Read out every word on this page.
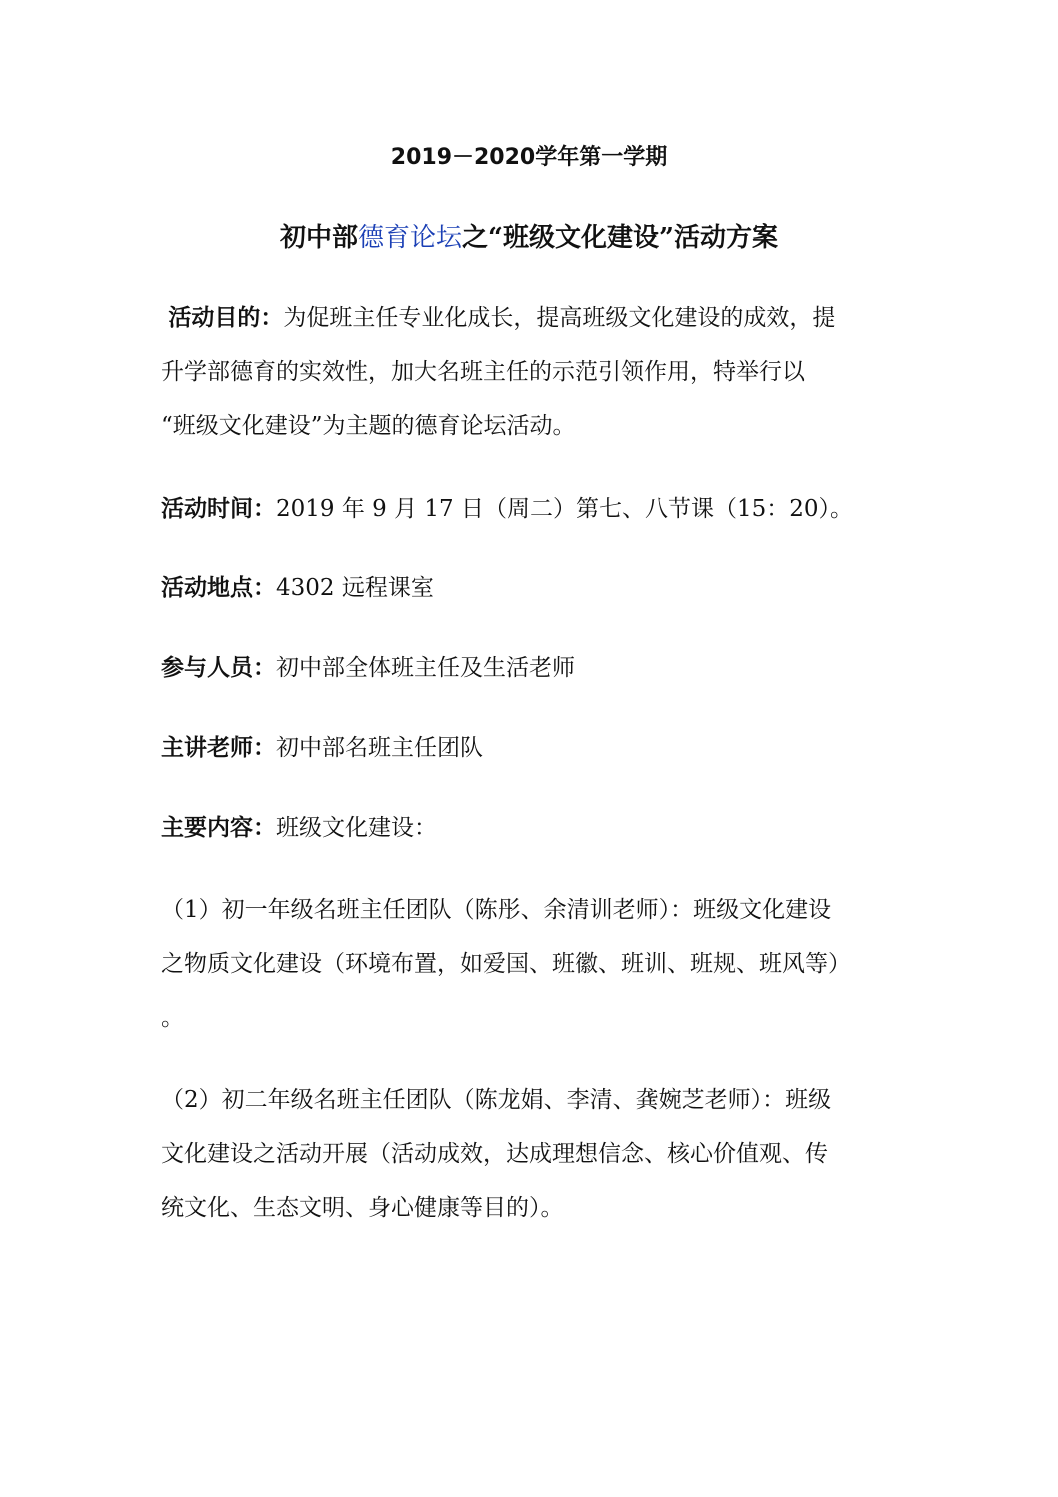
2019－2020学年第一学期
初中部德育论坛之“班级文化建设”活动方案
活动目的：为促班主任专业化成长，提高班级文化建设的成效，提
升学部德育的实效性，加大名班主任的示范引领作用，特举行以
“班级文化建设”为主题的德育论坛活动。
活动时间：2019 年 9 月 17 日（周二）第七、八节课（15：20）。
活动地点：4302 远程课室
参与人员：初中部全体班主任及生活老师
主讲老师：初中部名班主任团队
主要内容：班级文化建设：
（1）初一年级名班主任团队（陈彤、余清训老师）：班级文化建设
之物质文化建设（环境布置，如爱国、班徽、班训、班规、班风等）
。
（2）初二年级名班主任团队（陈龙娟、李清、龚婉芝老师）：班级
文化建设之活动开展（活动成效，达成理想信念、核心价值观、传
统文化、生态文明、身心健康等目的）。
